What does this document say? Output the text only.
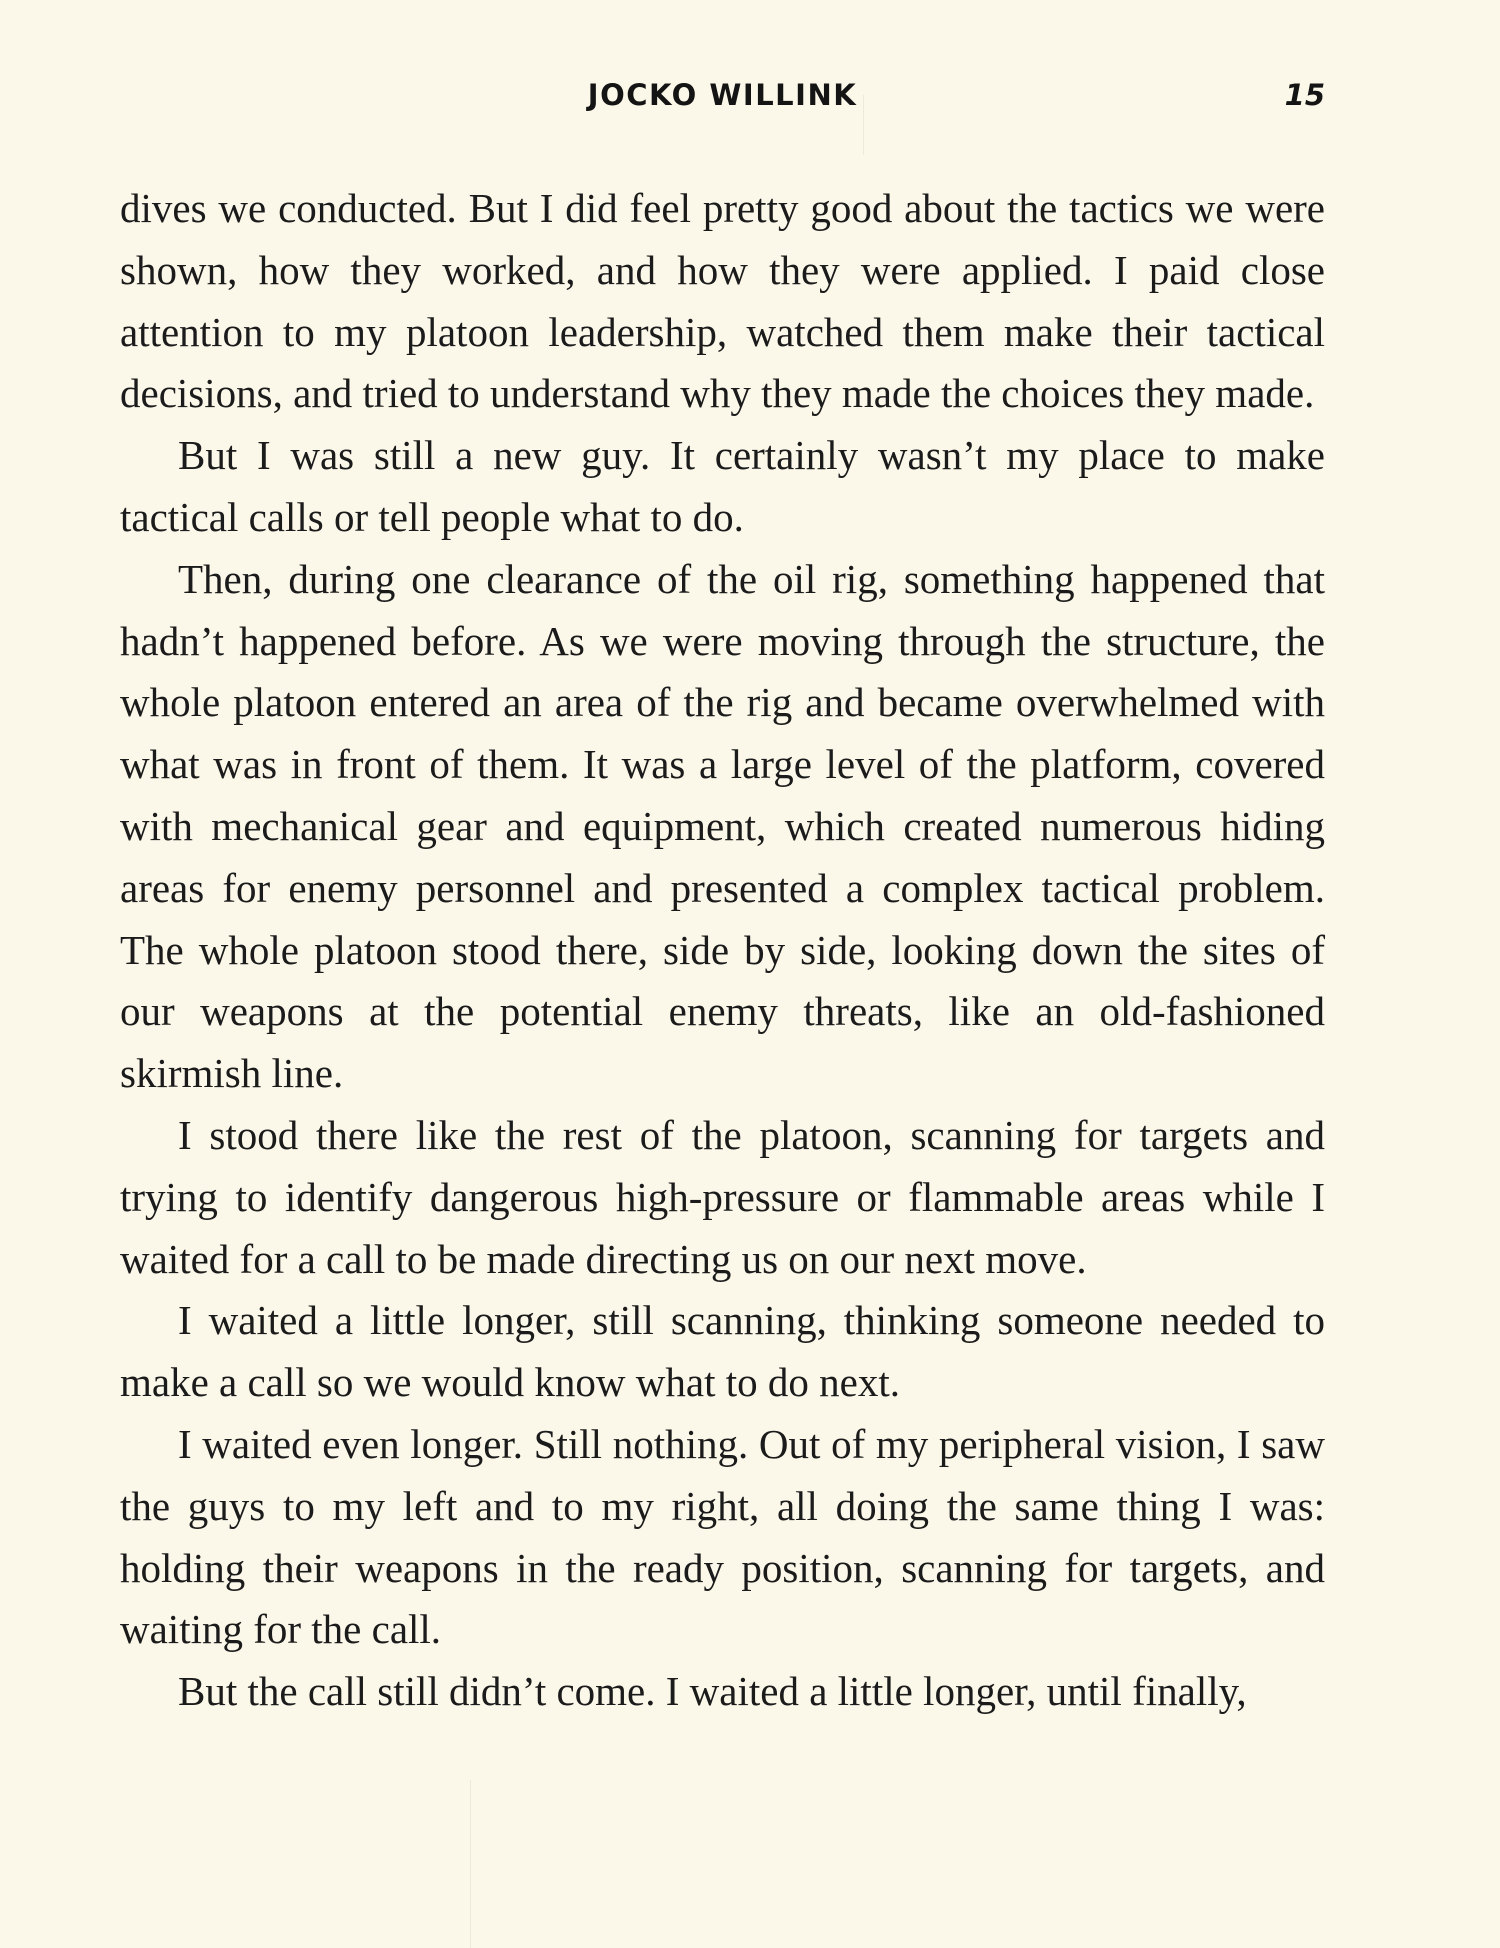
JOCKO WILLINK	15

dives we conducted. But I did feel pretty good about the tactics we were shown, how they worked, and how they were applied. I paid close attention to my platoon leadership, watched them make their tactical decisions, and tried to understand why they made the choices they made.

But I was still a new guy. It certainly wasn’t my place to make tactical calls or tell people what to do.

Then, during one clearance of the oil rig, something happened that hadn’t happened before. As we were moving through the structure, the whole platoon entered an area of the rig and became overwhelmed with what was in front of them. It was a large level of the platform, covered with mechanical gear and equipment, which created numerous hiding areas for enemy personnel and presented a complex tactical problem. The whole platoon stood there, side by side, looking down the sites of our weapons at the potential enemy threats, like an old-fashioned skirmish line.

I stood there like the rest of the platoon, scanning for targets and trying to identify dangerous high-pressure or flammable areas while I waited for a call to be made directing us on our next move.

I waited a little longer, still scanning, thinking someone needed to make a call so we would know what to do next.

I waited even longer. Still nothing. Out of my peripheral vision, I saw the guys to my left and to my right, all doing the same thing I was: holding their weapons in the ready position, scanning for targets, and waiting for the call.

But the call still didn’t come. I waited a little longer, until finally,
